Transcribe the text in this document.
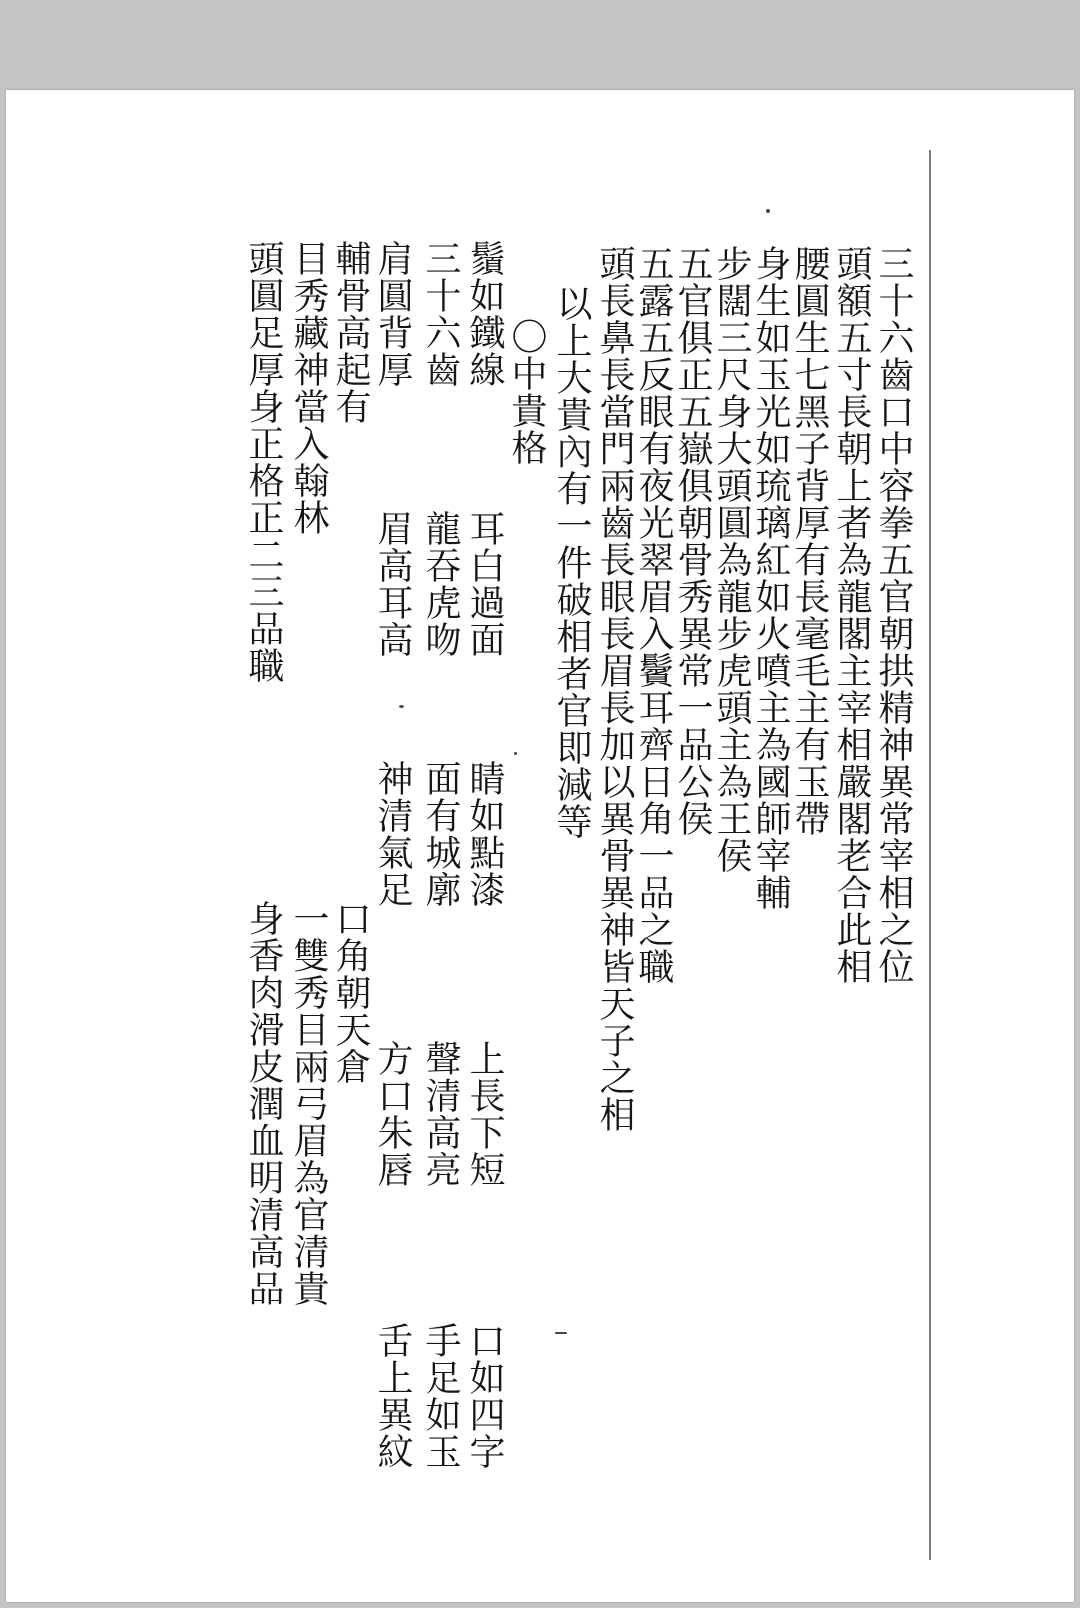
三十六齒口中容拳五官朝拱精神異常宰相之位
頭額五寸長朝上者為龍閣主宰相嚴閣老合此相
腰圓生七黑子背厚有長毫毛主有玉帶
身生如玉光如琉璃紅如火噴主為國師宰輔
步闊三尺身大頭圓為龍步虎頭主為王侯
五官俱正五嶽俱朝骨秀異常一品公侯
五露五反眼有夜光翠眉入鬢耳齊日角一品之職
頭長鼻長當門兩齒長眼長眉長加以異骨異神皆天子之相
以上大貴內有一件破相者官即減等
〇中貴格
鬚如鐵線
耳白過面
睛如點漆
上長下短
口如四字
三十六齒
龍吞虎吻
面有城廓
聲清高亮
手足如玉
肩圓背厚
眉高耳高
神清氣足
方口朱唇
舌上異紋
輔骨高起有
口角朝天倉
目秀藏神當入翰林
一雙秀目兩弓眉為官清貴
頭圓足厚身正格正二三品職
身香肉滑皮潤血明清高品
